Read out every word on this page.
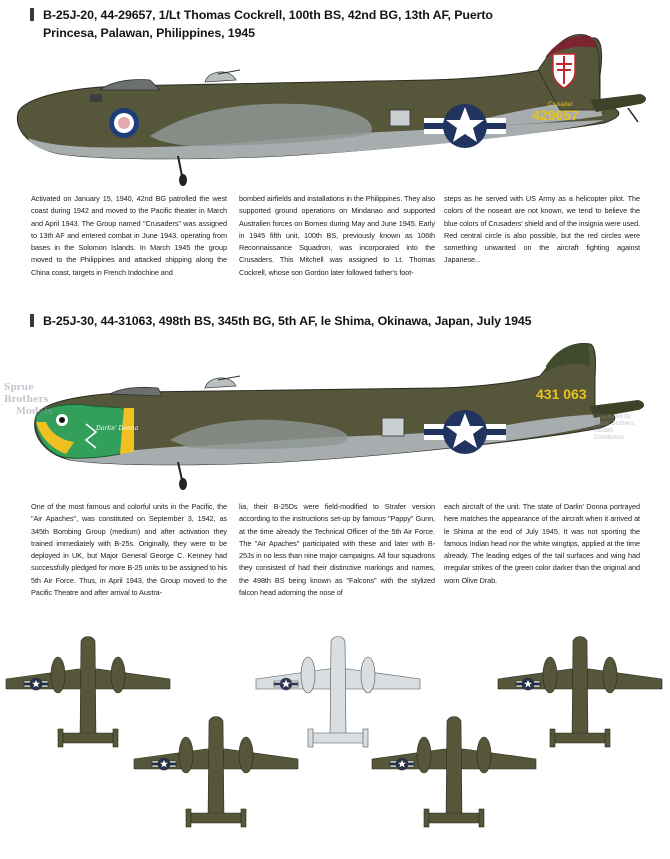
B-25J-20, 44-29657, 1/Lt Thomas Cockrell, 100th BS, 42nd BG, 13th AF, Puerto Princesa, Palawan, Philippines, 1945
B-25J-30, 44-31063, 498th BS, 345th BG, 5th AF, le Shima, Okinawa, Japan, July 1945
Crusader
429657
Activated on January 15, 1940, 42nd BG patrolled the west coast during 1942 and moved to the Pacific theater in March and April 1943. The Group named "Crusaders" was assigned to 13th AF and entered combat in June 1943, operating from bases in the Solomon Islands. In March 1945 the group moved to the Philippines and attacked shipping along the China coast, targets in French Indochine and
bombed airfields and installations in the Philippines. They also supported ground operations on Mindanao and supported Australien forces on Borneo during May and June 1945. Early in 1945 fifth unit, 100th BS, previously known as 106th Reconnaissance Squadron, was incorporated into the Crusaders. This Mitchell was assigned to Lt. Thomas Cockrell, whose son Gordon later followed father's foot-
steps as he served with US Army as a helicopter pilot. The colors of the noseart are not known, we tend to believe the blue colors of Crusaders' shield and of the insignia were used. Red central circle is also possible, but the red circles were something unwanted on the aircraft fighting against Japanese...
431 063
Darlin' Donna
Sprue
Brothers
Models	Distributed by
Sprue Brothers
Models
Distributors
One of the most famous and colorful units in the Pacific, the "Air Apaches", was constituted on September 3, 1942, as 345th Bombing Group (medium) and after activation they trained immediately with B-25s. Originally, they were to be deployed in UK, but Major General George C. Kenney had successfully pledged for more B-25 units to be assigned to his 5th Air Force. Thus, in April 1943, the Group moved to the Pacific Theatre and after arrival to Austra-
lia, their B-25Ds were field-modified to Strafer version according to the instructions set-up by famous "Pappy" Gunn, at the time already the Technical Officer of the 5th Air Force. The "Air Apaches" participated with these and later with B-25Js in no less than nine major campaigns. All four squadrons they consisted of had their distinctive markings and names, the 498th BS being known as "Falcons" with the stylized falcon head adorning the nose of
each aircraft of the unit. The state of Darlin' Donna portrayed here matches the appearance of the aircraft when it arrived at le Shima at the end of July 1945. It was not sporting the famous Indian head nor the white wingtips, applied at the time already. The leading edges of the tail surfaces and wing had irregular strikes of the green color darker than the original and worn Olive Drab.
